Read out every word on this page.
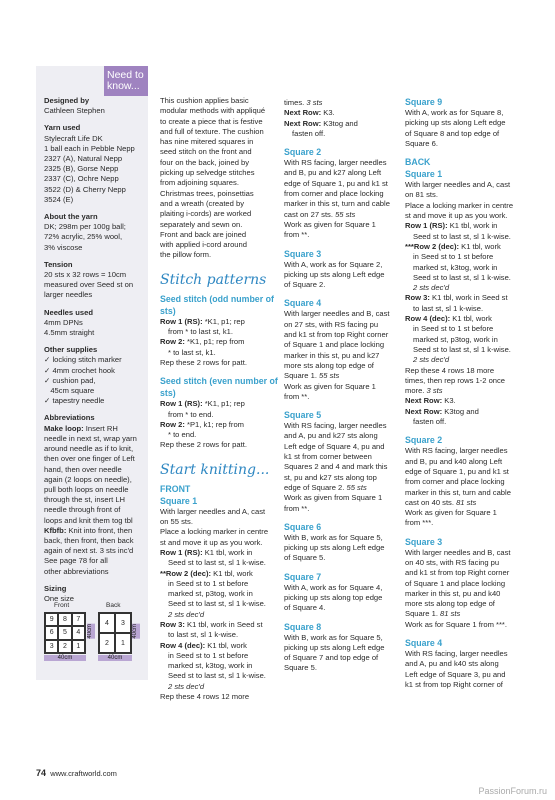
Designed by
Cathleen Stephen
Yarn used
Stylecraft Life DK
1 ball each in Pebble Nepp
2327 (A), Natural Nepp
2325 (B), Gorse Nepp
2337 (C), Ochre Nepp
3522 (D) & Cherry Nepp
3524 (E)
About the yarn
DK; 298m per 100g ball;
72% acrylic, 25% wool,
3% viscose
Tension
20 sts x 32 rows = 10cm
measured over Seed st on
larger needles
Needles used
4mm DPNs
4.5mm straight
Other supplies
✓ locking stitch marker
✓ 4mm crochet hook
✓ cushion pad,
45cm square
✓ tapestry needle
Abbreviations
Make loop: Insert RH
needle in next st, wrap yarn
around needle as if to knit,
then over one finger of Left
hand, then over needle
again (2 loops on needle),
pull both loops on needle
through the st, insert LH
needle through front of
loops and knit them tog tbl
Kfbfb: Knit into front, then
back, then front, then back
again of next st. 3 sts inc'd
See page 78 for all
other abbreviations
Sizing
One size
Front	Back
9	8	7
6	5	4
3	2	1
4	3
2	1
40cm	40cm
40cm	40cm
Need to
know...

This cushion applies basic

modular methods with appliqué

to create a piece that is festive

and full of texture. The cushion

has nine mitered squares in

seed stitch on the front and

four on the back, joined by

picking up selvedge stitches

from adjoining squares.

Christmas trees, poinsettias

and a wreath (created by

plaiting i-cords) are worked

separately and sewn on.

Front and back are joined

with applied i-cord around

the pillow form.

Stitch patterns
Seed stitch (odd number of sts)

Row 1 (RS): *K1, p1; rep

from * to last st, k1.

Row 2: *K1, p1; rep from

* to last st, k1.

Rep these 2 rows for patt.

Seed stitch (even number of sts)

Row 1 (RS): *K1, p1; rep

from * to end.

Row 2: *P1, k1; rep from

* to end.

Rep these 2 rows for patt.

Start knitting...
FRONT
Square 1

With larger needles and A, cast

on 55 sts.

Place a locking marker in centre

st and move it up as you work.

Row 1 (RS): K1 tbl, work in

Seed st to last st, sl 1 k-wise.

**Row 2 (dec): K1 tbl, work

in Seed st to 1 st before

marked st, p3tog, work in

Seed st to last st, sl 1 k-wise.

2 sts dec'd

Row 3: K1 tbl, work in Seed st

to last st, sl 1 k-wise.

Row 4 (dec): K1 tbl, work

in Seed st to 1 st before

marked st, k3tog, work in

Seed st to last st, sl 1 k-wise.

2 sts dec'd

Rep these 4 rows 12 more

times. 3 sts

Next Row: K3.

Next Row: K3tog and

fasten off.

Square 2

With RS facing, larger needles

and B, pu and k27 along Left

edge of Square 1, pu and k1 st

from corner and place locking

marker in this st, turn and cable

cast on 27 sts. 55 sts

Work as given for Square 1

from **.

Square 3

With A, work as for Square 2,

picking up sts along Left edge

of Square 2.

Square 4

With larger needles and B, cast

on 27 sts, with RS facing pu

and k1 st from top Right corner

of Square 1 and place locking

marker in this st, pu and k27

more sts along top edge of

Square 1. 55 sts

Work as given for Square 1

from **.

Square 5

With RS facing, larger needles

and A, pu and k27 sts along

Left edge of Square 4, pu and

k1 st from corner between

Squares 2 and 4 and mark this

st, pu and k27 sts along top

edge of Square 2. 55 sts

Work as given from Square 1

from **.

Square 6

With B, work as for Square 5,

picking up sts along Left edge

of Square 5.

Square 7

With A, work as for Square 4,

picking up sts along top edge

of Square 4.

Square 8

With B, work as for Square 5,

picking up sts along Left edge

of Square 7 and top edge of

Square 5.

Square 9

With A, work as for Square 8,

picking up sts along Left edge

of Square 8 and top edge of

Square 6.

BACK
Square 1

With larger needles and A, cast

on 81 sts.

Place a locking marker in centre

st and move it up as you work.

Row 1 (RS): K1 tbl, work in

Seed st to last st, sl 1 k-wise.

***Row 2 (dec): K1 tbl, work

in Seed st to 1 st before

marked st, k3tog, work in

Seed st to last st, sl 1 k-wise.

2 sts dec'd

Row 3: K1 tbl, work in Seed st

to last st, sl 1 k-wise.

Row 4 (dec): K1 tbl, work

in Seed st to 1 st before

marked st, p3tog, work in

Seed st to last st, sl 1 k-wise.

2 sts dec'd

Rep these 4 rows 18 more

times, then rep rows 1-2 once

more. 3 sts

Next Row: K3.

Next Row: K3tog and

fasten off.

Square 2

With RS facing, larger needles

and B, pu and k40 along Left

edge of Square 1, pu and k1 st

from corner and place locking

marker in this st, turn and cable

cast on 40 sts. 81 sts

Work as given for Square 1

from ***.

Square 3

With larger needles and B, cast

on 40 sts, with RS facing pu

and k1 st from top Right corner

of Square 1 and place locking

marker in this st, pu and k40

more sts along top edge of

Square 1. 81 sts

Work as for Square 1 from ***.

Square 4

With RS facing, larger needles

and A, pu and k40 sts along

Left edge of Square 3, pu and

k1 st from top Right corner of

74 www.craftworld.com
PassionForum.ru
